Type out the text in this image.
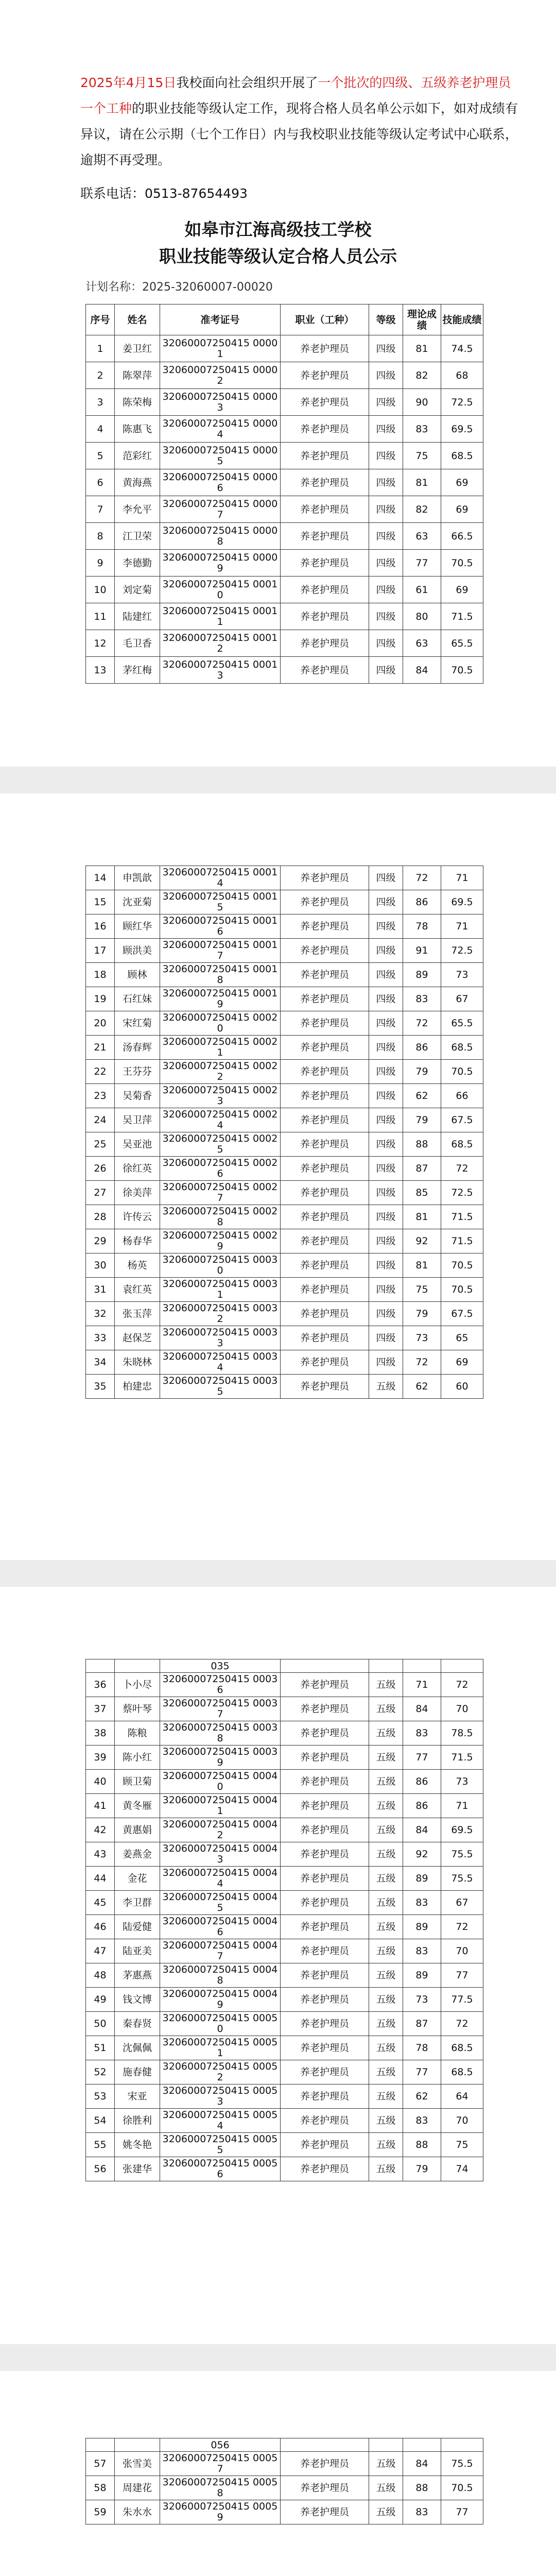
2025年4月15日我校面向社会组织开展了一个批次的四级、五级养老护理员一个工种的职业技能等级认定工作，现将合格人员名单公示如下，如对成绩有异议，请在公示期（七个工作日）内与我校职业技能等级认定考试中心联系，逾期不再受理。
联系电话：0513-87654493
如皋市江海高级技工学校
职业技能等级认定合格人员公示
计划名称：2025-32060007-00020
序号	姓名	准考证号	职业（工种）	等级	理论成绩	技能成绩
1	姜卫红	32060007250415 00001	养老护理员	四级	81	74.5
2	陈翠萍	32060007250415 00002	养老护理员	四级	82	68
3	陈荣梅	32060007250415 00003	养老护理员	四级	90	72.5
4	陈惠飞	32060007250415 00004	养老护理员	四级	83	69.5
5	范彩红	32060007250415 00005	养老护理员	四级	75	68.5
6	黄海燕	32060007250415 00006	养老护理员	四级	81	69
7	李允平	32060007250415 00007	养老护理员	四级	82	69
8	江卫荣	32060007250415 00008	养老护理员	四级	63	66.5
9	李德勤	32060007250415 00009	养老护理员	四级	77	70.5
10	刘定菊	32060007250415 00010	养老护理员	四级	61	69
11	陆建红	32060007250415 00011	养老护理员	四级	80	71.5
12	毛卫香	32060007250415 00012	养老护理员	四级	63	65.5
13	茅红梅	32060007250415 00013	养老护理员	四级	84	70.5
14	申凯歆	32060007250415 00014	养老护理员	四级	72	71
15	沈亚菊	32060007250415 00015	养老护理员	四级	86	69.5
16	顾红华	32060007250415 00016	养老护理员	四级	78	71
17	顾洪美	32060007250415 00017	养老护理员	四级	91	72.5
18	顾林	32060007250415 00018	养老护理员	四级	89	73
19	石红妹	32060007250415 00019	养老护理员	四级	83	67
20	宋红菊	32060007250415 00020	养老护理员	四级	72	65.5
21	汤春辉	32060007250415 00021	养老护理员	四级	86	68.5
22	王芬芬	32060007250415 00022	养老护理员	四级	79	70.5
23	吴菊香	32060007250415 00023	养老护理员	四级	62	66
24	吴卫萍	32060007250415 00024	养老护理员	四级	79	67.5
25	吴亚池	32060007250415 00025	养老护理员	四级	88	68.5
26	徐红英	32060007250415 00026	养老护理员	四级	87	72
27	徐美萍	32060007250415 00027	养老护理员	四级	85	72.5
28	许传云	32060007250415 00028	养老护理员	四级	81	71.5
29	杨春华	32060007250415 00029	养老护理员	四级	92	71.5
30	杨英	32060007250415 00030	养老护理员	四级	81	70.5
31	袁红英	32060007250415 00031	养老护理员	四级	75	70.5
32	张玉萍	32060007250415 00032	养老护理员	四级	79	67.5
33	赵保芝	32060007250415 00033	养老护理员	四级	73	65
34	朱晓林	32060007250415 00034	养老护理员	四级	72	69
35	柏建忠	32060007250415 00035	养老护理员	五级	62	60
		035				
36	卜小尽	32060007250415 00036	养老护理员	五级	71	72
37	蔡叶琴	32060007250415 00037	养老护理员	五级	84	70
38	陈粮	32060007250415 00038	养老护理员	五级	83	78.5
39	陈小红	32060007250415 00039	养老护理员	五级	77	71.5
40	顾卫菊	32060007250415 00040	养老护理员	五级	86	73
41	黄冬雁	32060007250415 00041	养老护理员	五级	86	71
42	黄惠娟	32060007250415 00042	养老护理员	五级	84	69.5
43	姜燕金	32060007250415 00043	养老护理员	五级	92	75.5
44	金花	32060007250415 00044	养老护理员	五级	89	75.5
45	李卫群	32060007250415 00045	养老护理员	五级	83	67
46	陆爱健	32060007250415 00046	养老护理员	五级	89	72
47	陆亚美	32060007250415 00047	养老护理员	五级	83	70
48	茅惠燕	32060007250415 00048	养老护理员	五级	89	77
49	钱文博	32060007250415 00049	养老护理员	五级	73	77.5
50	秦春贤	32060007250415 00050	养老护理员	五级	87	72
51	沈佩佩	32060007250415 00051	养老护理员	五级	78	68.5
52	施春健	32060007250415 00052	养老护理员	五级	77	68.5
53	宋亚	32060007250415 00053	养老护理员	五级	62	64
54	徐胜利	32060007250415 00054	养老护理员	五级	83	70
55	姚冬艳	32060007250415 00055	养老护理员	五级	88	75
56	张建华	32060007250415 00056	养老护理员	五级	79	74
		056				
57	张雪美	32060007250415 00057	养老护理员	五级	84	75.5
58	周建花	32060007250415 00058	养老护理员	五级	88	70.5
59	朱水水	32060007250415 00059	养老护理员	五级	83	77
